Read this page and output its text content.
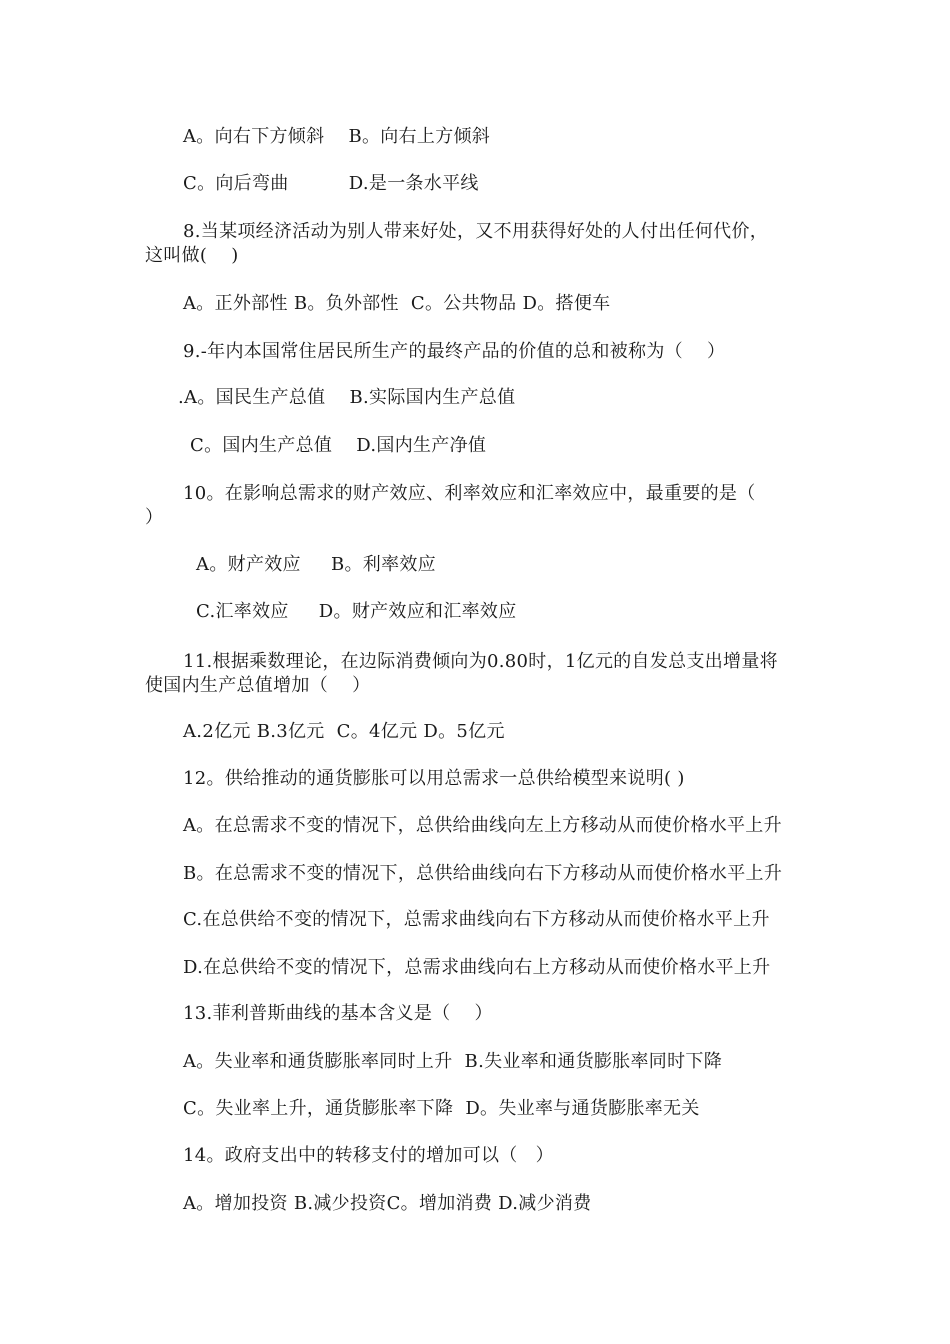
A。向右下方倾斜    B。向右上方倾斜
C。向后弯曲          D.是一条水平线
8.当某项经济活动为别人带来好处，又不用获得好处的人付出任何代价，
这叫做(    )
A。正外部性 B。负外部性  C。公共物品 D。搭便车
9.-年内本国常住居民所生产的最终产品的价值的总和被称为（    ）
.A。国民生产总值    B.实际国内生产总值
C。国内生产总值    D.国内生产净值
10。在影响总需求的财产效应、利率效应和汇率效应中，最重要的是（
）
A。财产效应     B。利率效应
C.汇率效应     D。财产效应和汇率效应
11.根据乘数理论，在边际消费倾向为0.80时，1亿元的自发总支出增量将
使国内生产总值增加（    ）
A.2亿元 B.3亿元  C。4亿元 D。5亿元
12。供给推动的通货膨胀可以用总需求一总供给模型来说明( )
A。在总需求不变的情况下，总供给曲线向左上方移动从而使价格水平上升
B。在总需求不变的情况下，总供给曲线向右下方移动从而使价格水平上升
C.在总供给不变的情况下，总需求曲线向右下方移动从而使价格水平上升
D.在总供给不变的情况下，总需求曲线向右上方移动从而使价格水平上升
13.菲利普斯曲线的基本含义是（    ）
A。失业率和通货膨胀率同时上升  B.失业率和通货膨胀率同时下降
C。失业率上升，通货膨胀率下降  D。失业率与通货膨胀率无关
14。政府支出中的转移支付的增加可以（   ）
A。增加投资 B.减少投资C。增加消费 D.减少消费
